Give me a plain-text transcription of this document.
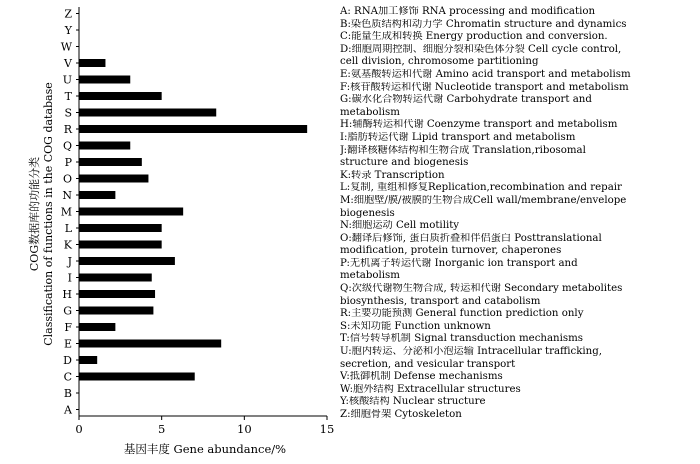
A
B
C
D
E
F
G
H
I
J
K
L
M
N
O
P
Q
R
S
T
U
V
W
Y
Z
0	5	10	15
COG数据库的功能分类 Classification of functions in the COG database
基因丰度 Gene abundance/%
A: RNA加工修饰 RNA processing and modification
B:染色质结构和动力学 Chromatin structure and dynamics
C:能量生成和转换 Energy production and conversion.
D:细胞周期控制、细胞分裂和染色体分裂 Cell cycle control,
cell division, chromosome partitioning
E:氨基酸转运和代谢 Amino acid transport and metabolism
F:核苷酸转运和代谢 Nucleotide transport and metabolism
G:碳水化合物转运代谢 Carbohydrate transport and
metabolism
H:辅酶转运和代谢 Coenzyme transport and metabolism
I:脂肪转运代谢 Lipid transport and metabolism
J:翻译核糖体结构和生物合成 Translation,ribosomal
structure and biogenesis
K:转录 Transcription
L:复制, 重组和修复Replication,recombination and repair
M:细胞壁/膜/被膜的生物合成Cell wall/membrane/envelope
biogenesis
N:细胞运动 Cell motility
O:翻译后修饰, 蛋白质折叠和伴侣蛋白 Posttranslational
modification, protein turnover, chaperones
P:无机离子转运代谢 Inorganic ion transport and
metabolism
Q:次级代谢物生物合成, 转运和代谢 Secondary metabolites
biosynthesis, transport and catabolism
R:主要功能预测 General function prediction only
S:未知功能 Function unknown
T:信号转导机制 Signal transduction mechanisms
U:胞内转运、分泌和小泡运输 Intracellular trafficking,
secretion, and vesicular transport
V:抵御机制 Defense mechanisms
W:胞外结构 Extracellular structures
Y:核酸结构 Nuclear structure
Z:细胞骨架 Cytoskeleton
